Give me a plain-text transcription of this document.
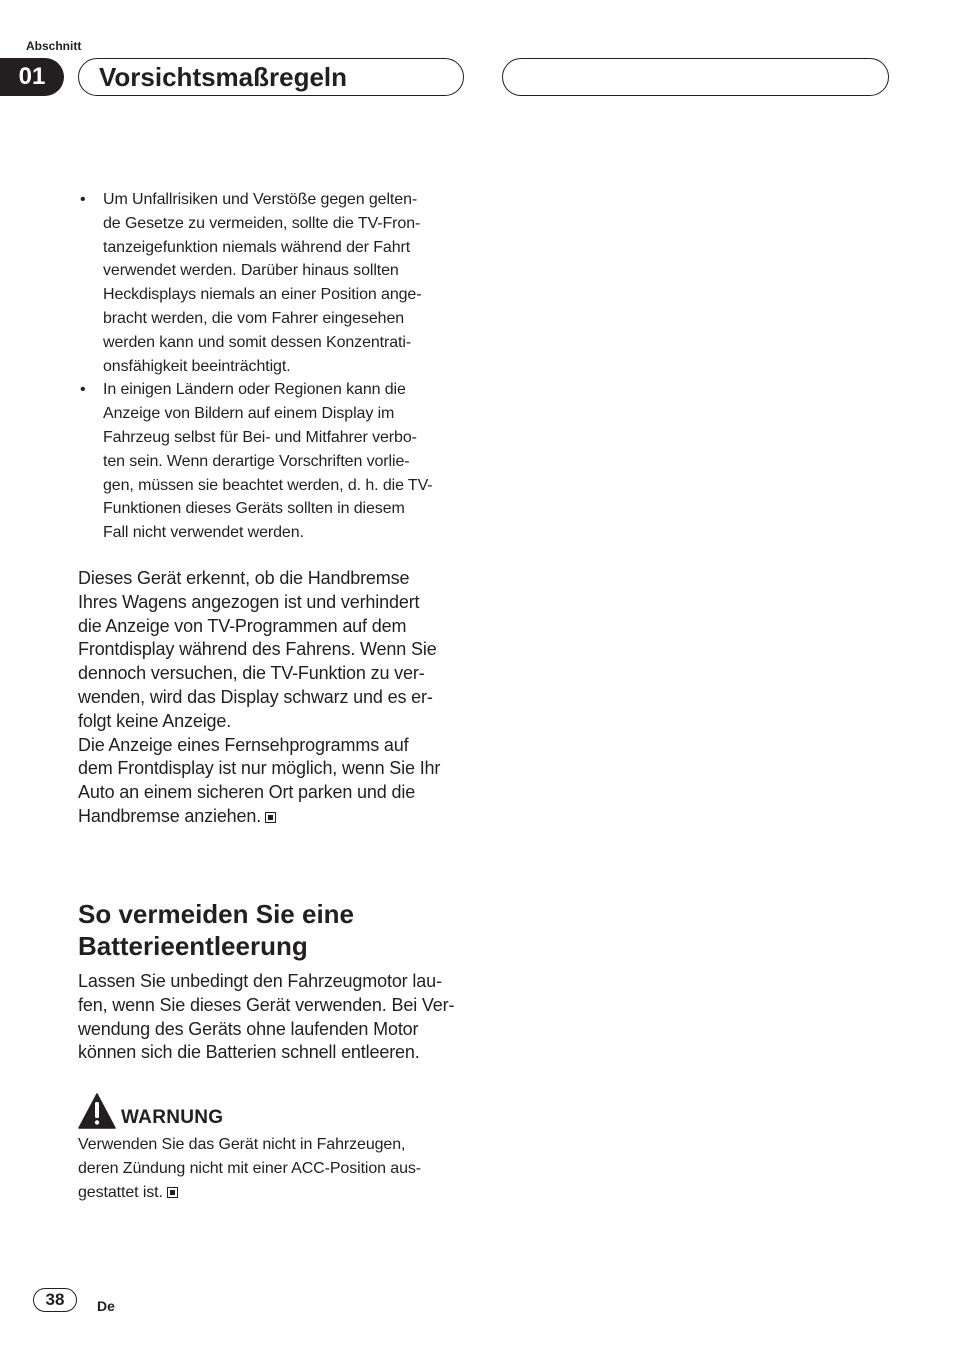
Abschnitt
01	Vorsichtsmaßregeln
• Um Unfallrisiken und Verstöße gegen gelten-
de Gesetze zu vermeiden, sollte die TV-Fron-
tanzeigefunktion niemals während der Fahrt
verwendet werden. Darüber hinaus sollten
Heckdisplays niemals an einer Position ange-
bracht werden, die vom Fahrer eingesehen
werden kann und somit dessen Konzentrati-
onsfähigkeit beeinträchtigt.
• In einigen Ländern oder Regionen kann die
Anzeige von Bildern auf einem Display im
Fahrzeug selbst für Bei- und Mitfahrer verbo-
ten sein. Wenn derartige Vorschriften vorlie-
gen, müssen sie beachtet werden, d. h. die TV-
Funktionen dieses Geräts sollten in diesem
Fall nicht verwendet werden.
Dieses Gerät erkennt, ob die Handbremse
Ihres Wagens angezogen ist und verhindert
die Anzeige von TV-Programmen auf dem
Frontdisplay während des Fahrens. Wenn Sie
dennoch versuchen, die TV-Funktion zu ver-
wenden, wird das Display schwarz und es er-
folgt keine Anzeige.
Die Anzeige eines Fernsehprogramms auf
dem Frontdisplay ist nur möglich, wenn Sie Ihr
Auto an einem sicheren Ort parken und die
Handbremse anziehen.
So vermeiden Sie eine
Batterieentleerung
Lassen Sie unbedingt den Fahrzeugmotor lau-
fen, wenn Sie dieses Gerät verwenden. Bei Ver-
wendung des Geräts ohne laufenden Motor
können sich die Batterien schnell entleeren.
WARNUNG
Verwenden Sie das Gerät nicht in Fahrzeugen,
deren Zündung nicht mit einer ACC-Position aus-
gestattet ist.
38	De
